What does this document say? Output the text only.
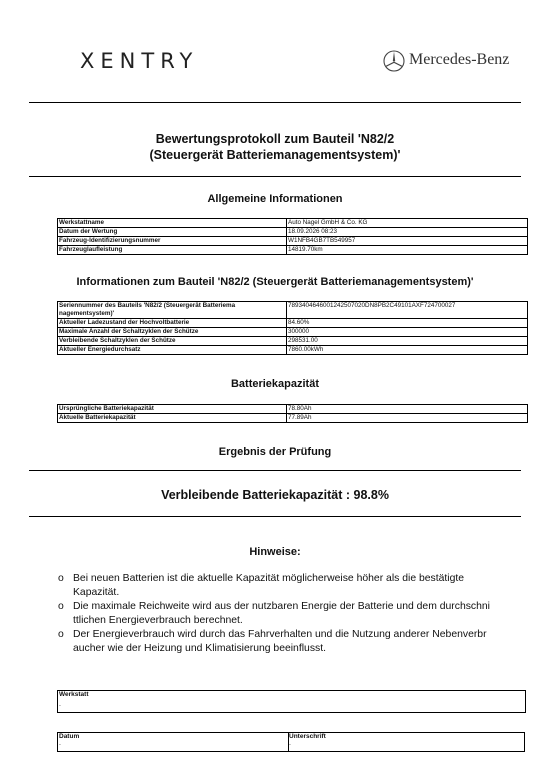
XENTRY	Mercedes-Benz
Bewertungsprotokoll zum Bauteil 'N82/2
(Steuergerät Batteriemanagementsystem)'
Allgemeine Informationen
Werkstattname	Auto Nagel GmbH & Co. KG
Datum der Wertung	18.09.2026 08:23
Fahrzeug-Identifizierungsnummer	W1NFB4GB7TB549957
Fahrzeuglaufleistung	14819.70km
Informationen zum Bauteil 'N82/2 (Steuergerät Batteriemanagementsystem)'
Seriennummer des Bauteils 'N82/2 (Steuergerät Batteriema
nagementsystem)'	7893404646001242507020DN8PB2C49101AXF724700027
Aktueller Ladezustand der Hochvoltbatterie	84.60%
Maximale Anzahl der Schaltzyklen der Schütze	300000
Verbleibende Schaltzyklen der Schütze	298531.00
Aktueller Energiedurchsatz	7860.00kWh
Batteriekapazität
Ursprüngliche Batteriekapazität	78.80Ah
Aktuelle Batteriekapazität	77.89Ah
Ergebnis der Prüfung
Verbleibende Batteriekapazität : 98.8%
Hinweise:
o Bei neuen Batterien ist die aktuelle Kapazität möglicherweise höher als die bestätigte
Kapazität.
o Die maximale Reichweite wird aus der nutzbaren Energie der Batterie und dem durchschni
ttlichen Energieverbrauch berechnet.
o Der Energieverbrauch wird durch das Fahrverhalten und die Nutzung anderer Nebenverbr
aucher wie der Heizung und Klimatisierung beeinflusst.
Werkstatt
.
Datum
.
Unterschrift
.
